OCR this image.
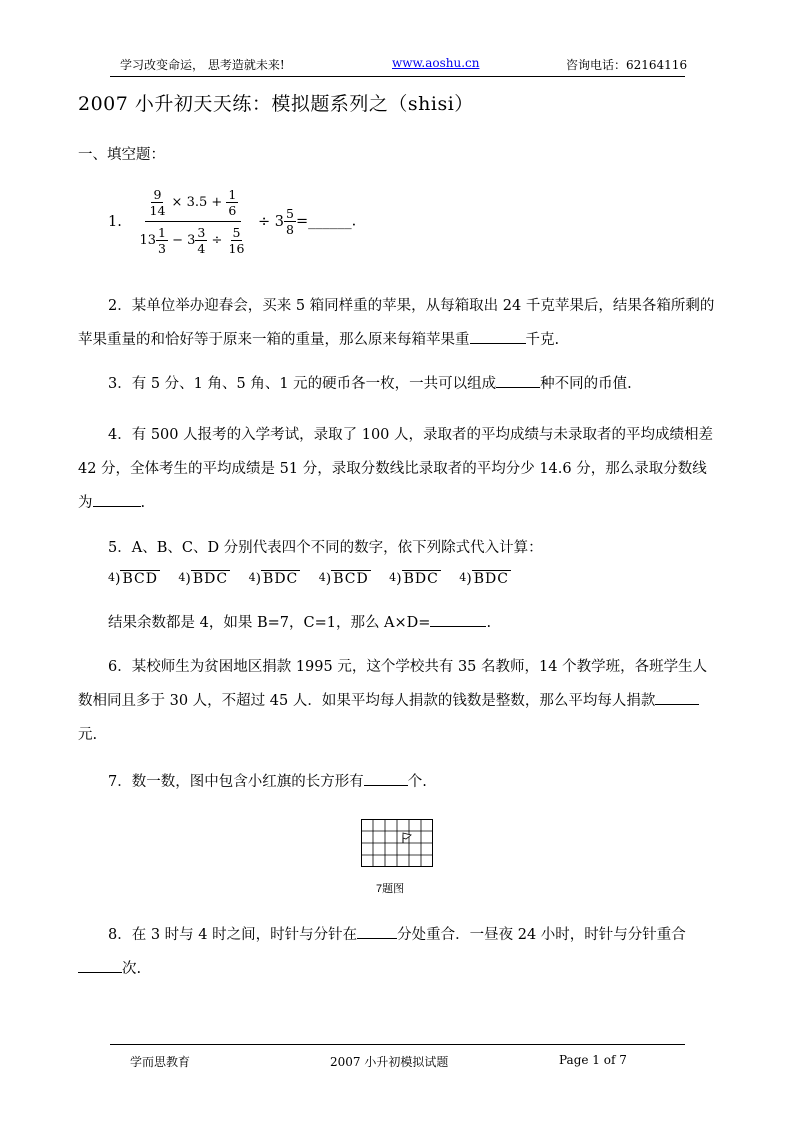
学习改变命运， 思考造就未来!	www.aoshu.cn	咨询电话：62164116
2007 小升初天天练：模拟题系列之（shisi）
一、填空题：
1. $\frac{\frac{9}{14} \times 3.5 + \frac{1}{6}}{13 \frac{1}{3} - 3 \frac{3}{4} \div \frac{5}{16}} \div 3 \frac{5}{8}$ =______.
2．某单位举办迎春会，买来 5 箱同样重的苹果，从每箱取出 24 千克苹果后，结果各箱所剩的苹果重量的和恰好等于原来一箱的重量，那么原来每箱苹果重	千克.
3．有 5 分、1 角、5 角、1 元的硬币各一枚，一共可以组成	种不同的币值.
4．有 500 人报考的入学考试，录取了 100 人，录取者的平均成绩与未录取者的平均成绩相差 42 分，全体考生的平均成绩是 51 分，录取分数线比录取者的平均分少 14.6 分，那么录取分数线为	.
5．A、B、C、D 分别代表四个不同的数字，依下列除式代入计算：
$^4$) BCD $^4$) BDC $^4$) BDC $^4$) BCD $^4$) BDC $^4$) BDC
结果余数都是 4，如果 B=7，C=1，那么 A×D=	.
6．某校师生为贫困地区捐款 1995 元，这个学校共有 35 名教师，14 个教学班，各班学生人数相同且多于 30 人，不超过 45 人．如果平均每人捐款的钱数是整数，那么平均每人捐款元.
7．数一数，图中包含小红旗的长方形有	个.
7题图
8．在 3 时与 4 时之间，时针与分针在	分处重合．一昼夜 24 小时，时针与分针重合次.
学而思教育	2007 小升初模拟试题	Page 1 of 7
